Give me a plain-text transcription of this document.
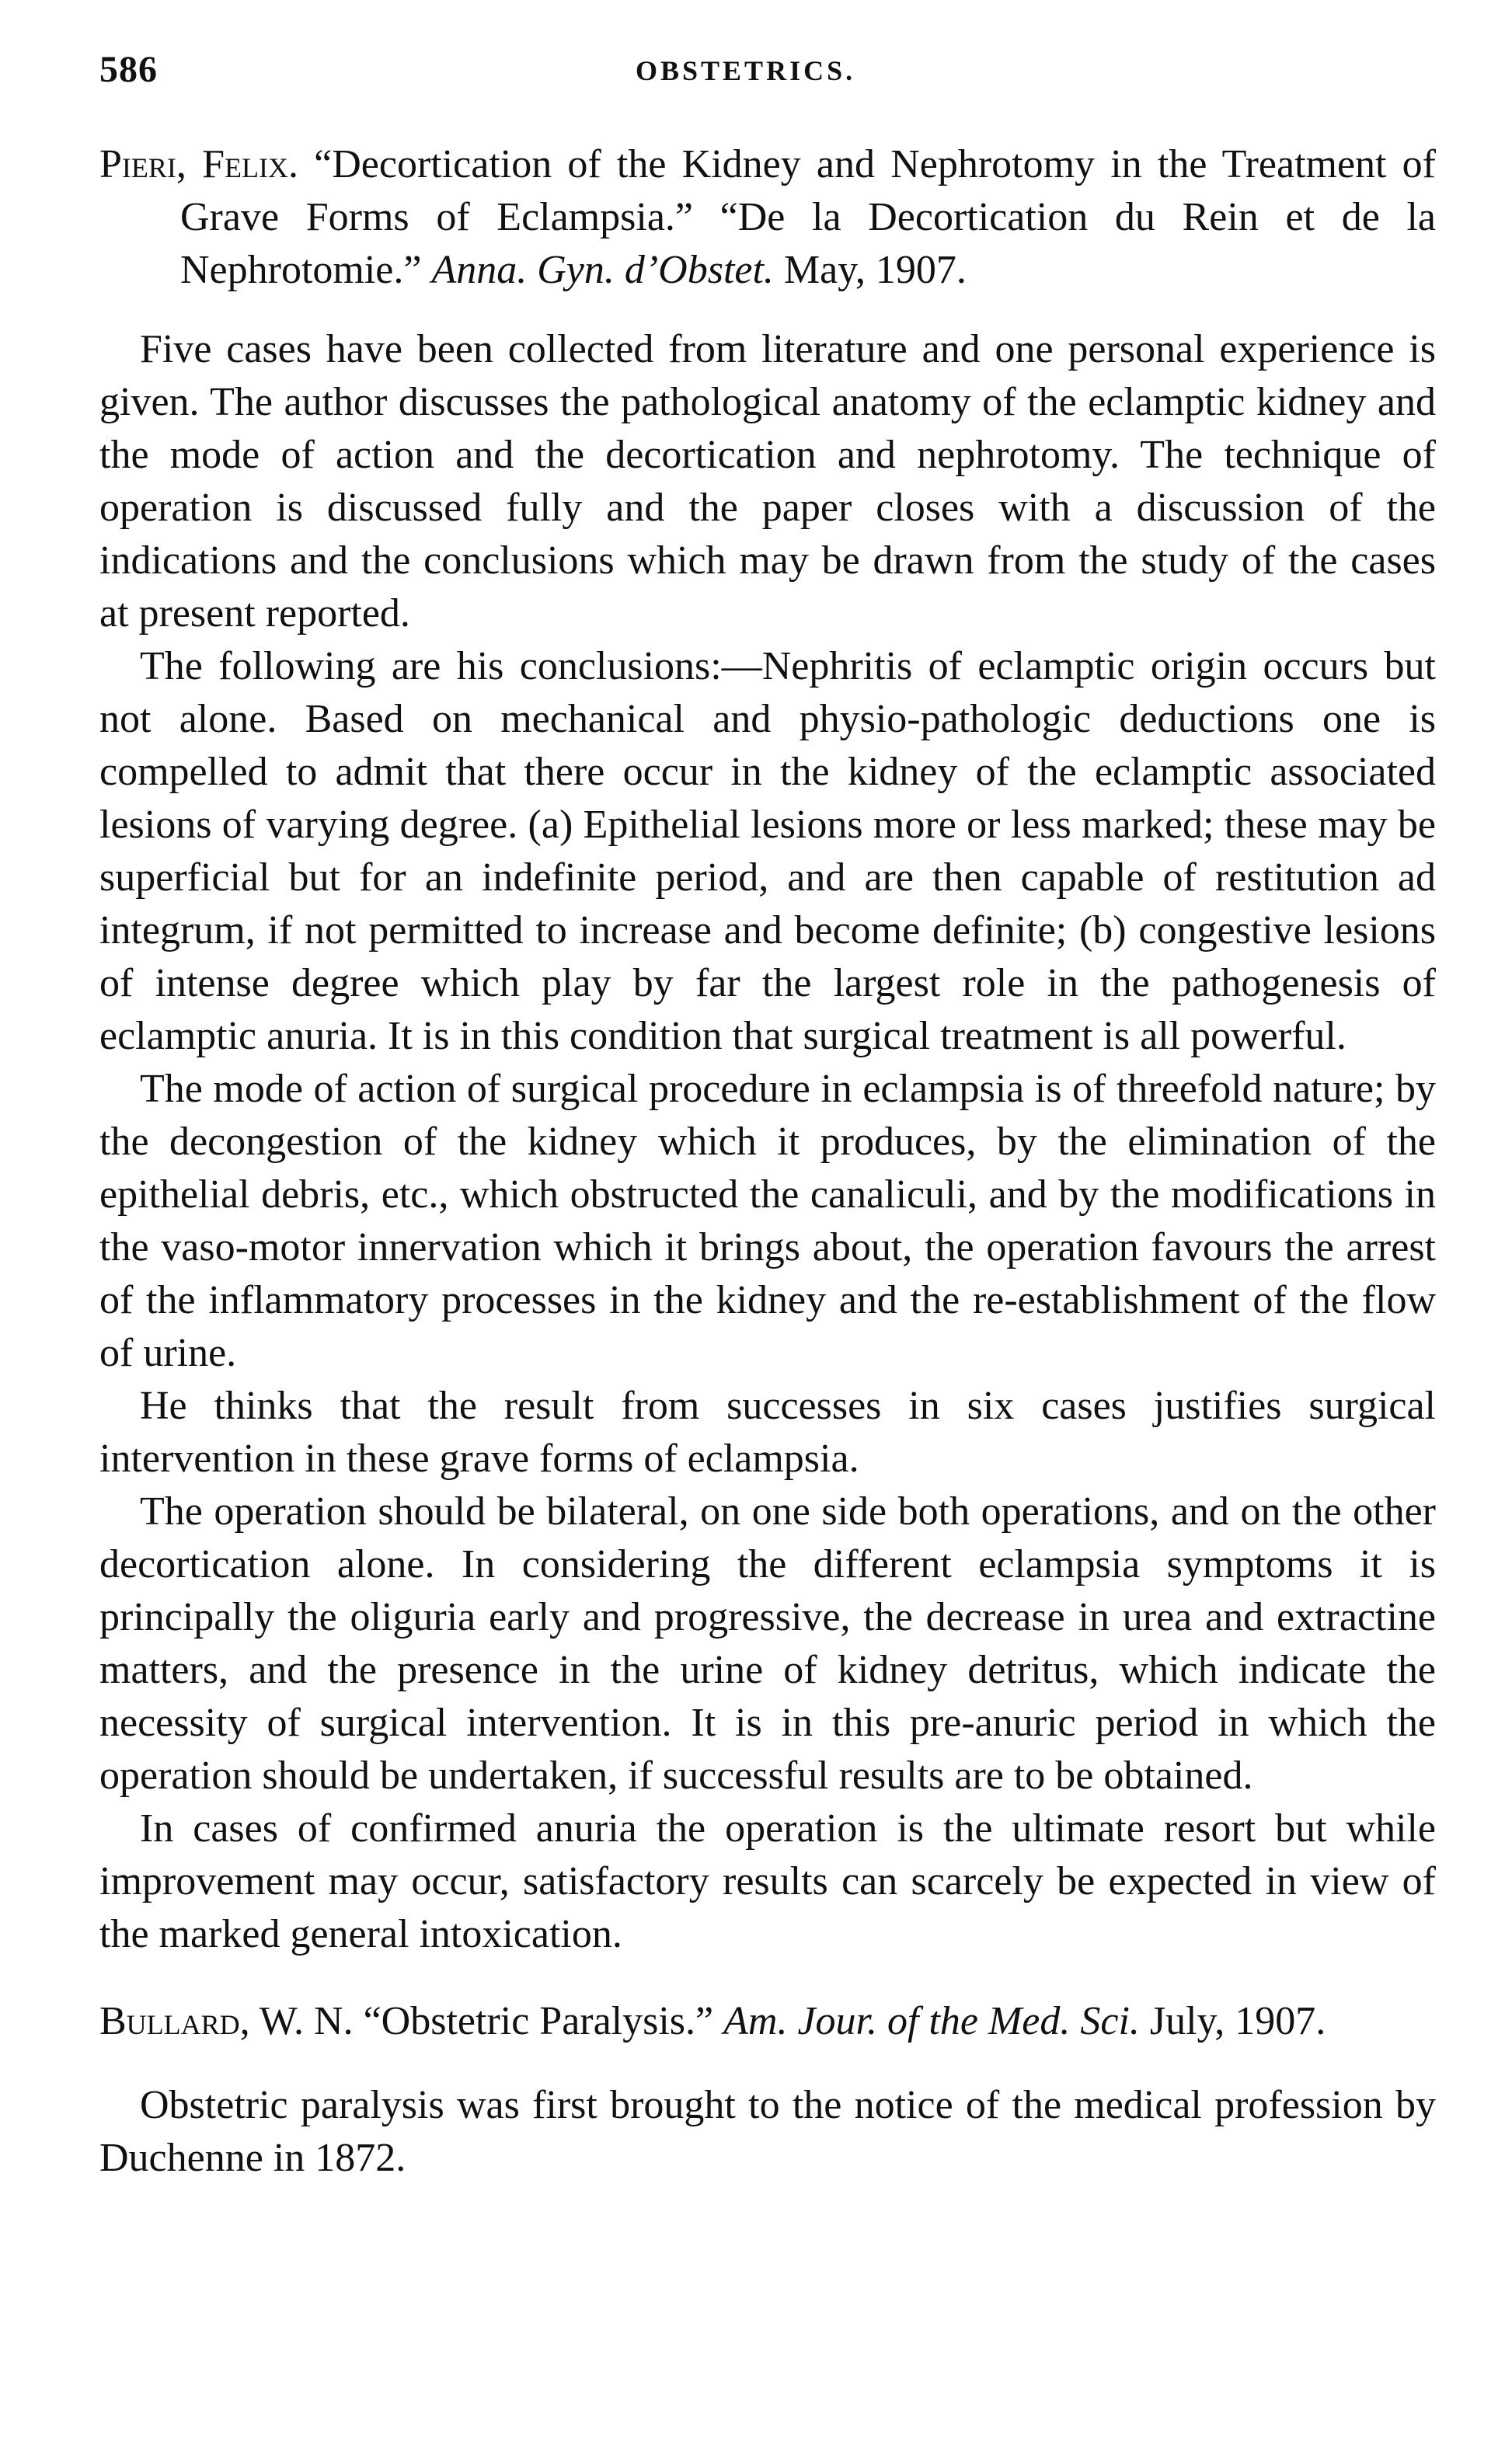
586	OBSTETRICS.

Pieri, Felix. “Decortication of the Kidney and Nephrotomy in the Treatment of Grave Forms of Eclampsia.” “De la Decortication du Rein et de la Nephrotomie.” Anna. Gyn. d’Obstet. May, 1907.

Five cases have been collected from literature and one personal experience is given. The author discusses the pathological anatomy of the eclamptic kidney and the mode of action and the decortication and nephrotomy. The technique of operation is discussed fully and the paper closes with a discussion of the indications and the conclusions which may be drawn from the study of the cases at present reported.

The following are his conclusions:—Nephritis of eclamptic origin occurs but not alone. Based on mechanical and physio-pathologic deductions one is compelled to admit that there occur in the kidney of the eclamptic associated lesions of varying degree. (a) Epithelial lesions more or less marked; these may be superficial but for an indefinite period, and are then capable of restitution ad integrum, if not permitted to increase and become definite; (b) congestive lesions of intense degree which play by far the largest role in the pathogenesis of eclamptic anuria. It is in this condition that surgical treatment is all powerful.

The mode of action of surgical procedure in eclampsia is of threefold nature; by the decongestion of the kidney which it produces, by the elimination of the epithelial debris, etc., which obstructed the canaliculi, and by the modifications in the vaso-motor innervation which it brings about, the operation favours the arrest of the inflammatory processes in the kidney and the re-establishment of the flow of urine.

He thinks that the result from successes in six cases justifies surgical intervention in these grave forms of eclampsia.

The operation should be bilateral, on one side both operations, and on the other decortication alone. In considering the different eclampsia symptoms it is principally the oliguria early and progressive, the decrease in urea and extractine matters, and the presence in the urine of kidney detritus, which indicate the necessity of surgical intervention. It is in this pre-anuric period in which the operation should be undertaken, if successful results are to be obtained.

In cases of confirmed anuria the operation is the ultimate resort but while improvement may occur, satisfactory results can scarcely be expected in view of the marked general intoxication.

Bullard, W. N. “Obstetric Paralysis.” Am. Jour. of the Med. Sci. July, 1907.

Obstetric paralysis was first brought to the notice of the medical profession by Duchenne in 1872.
